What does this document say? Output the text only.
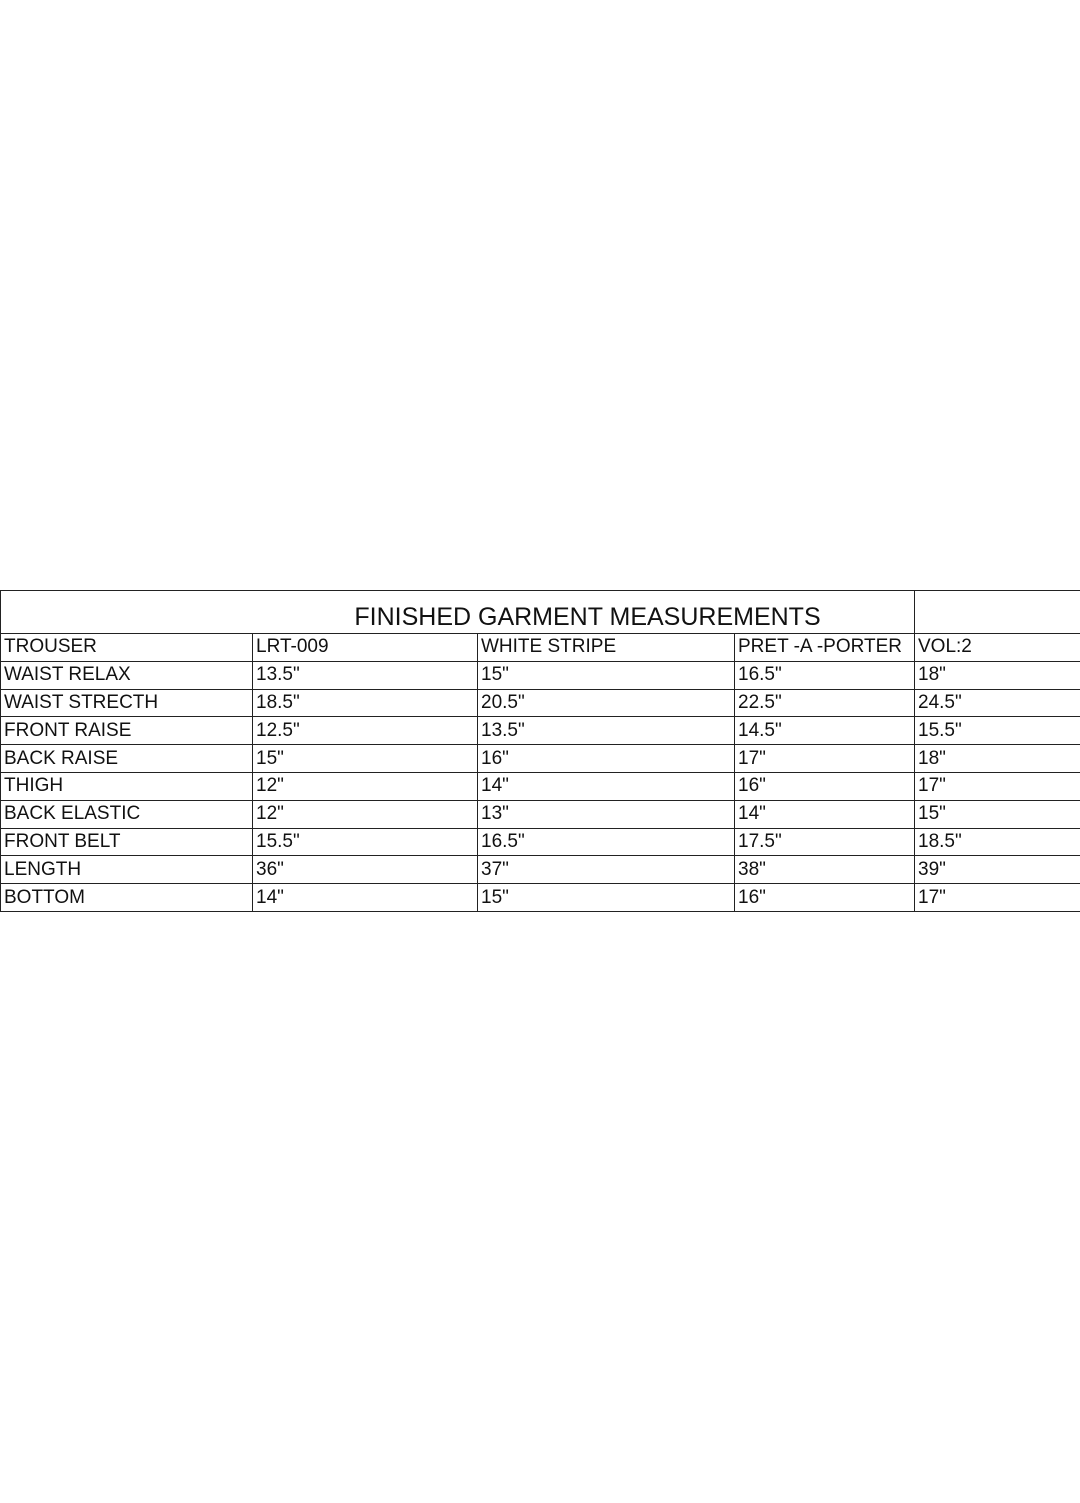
FINISHED GARMENT MEASUREMENTS				
TROUSER	LRT-009	WHITE STRIPE	PRET -A -PORTER	VOL:2
WAIST RELAX	13.5"	15"	16.5"	18"
WAIST STRECTH	18.5"	20.5"	22.5"	24.5"
FRONT RAISE	12.5"	13.5"	14.5"	15.5"
BACK RAISE	15"	16"	17"	18"
THIGH	12"	14"	16"	17"
BACK ELASTIC	12"	13"	14"	15"
FRONT BELT	15.5"	16.5"	17.5"	18.5"
LENGTH	36"	37"	38"	39"
BOTTOM	14"	15"	16"	17"
